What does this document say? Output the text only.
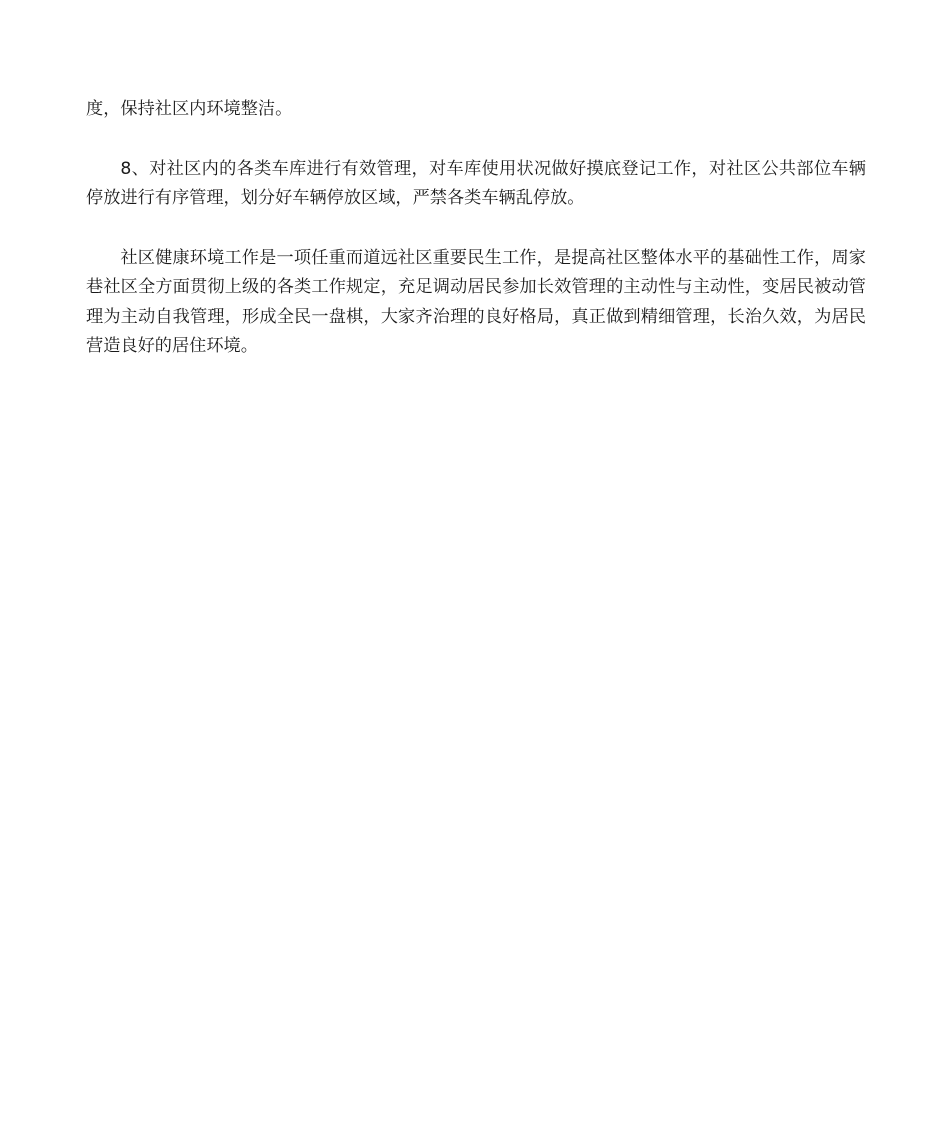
度，保持社区内环境整洁。

8、对社区内的各类车库进行有效管理，对车库使用状况做好摸底登记工作，对社区公共部位车辆停放进行有序管理，划分好车辆停放区域，严禁各类车辆乱停放。

社区健康环境工作是一项任重而道远社区重要民生工作，是提高社区整体水平的基础性工作，周家巷社区全方面贯彻上级的各类工作规定，充足调动居民参加长效管理的主动性与主动性，变居民被动管理为主动自我管理，形成全民一盘棋，大家齐治理的良好格局，真正做到精细管理，长治久效，为居民营造良好的居住环境。
